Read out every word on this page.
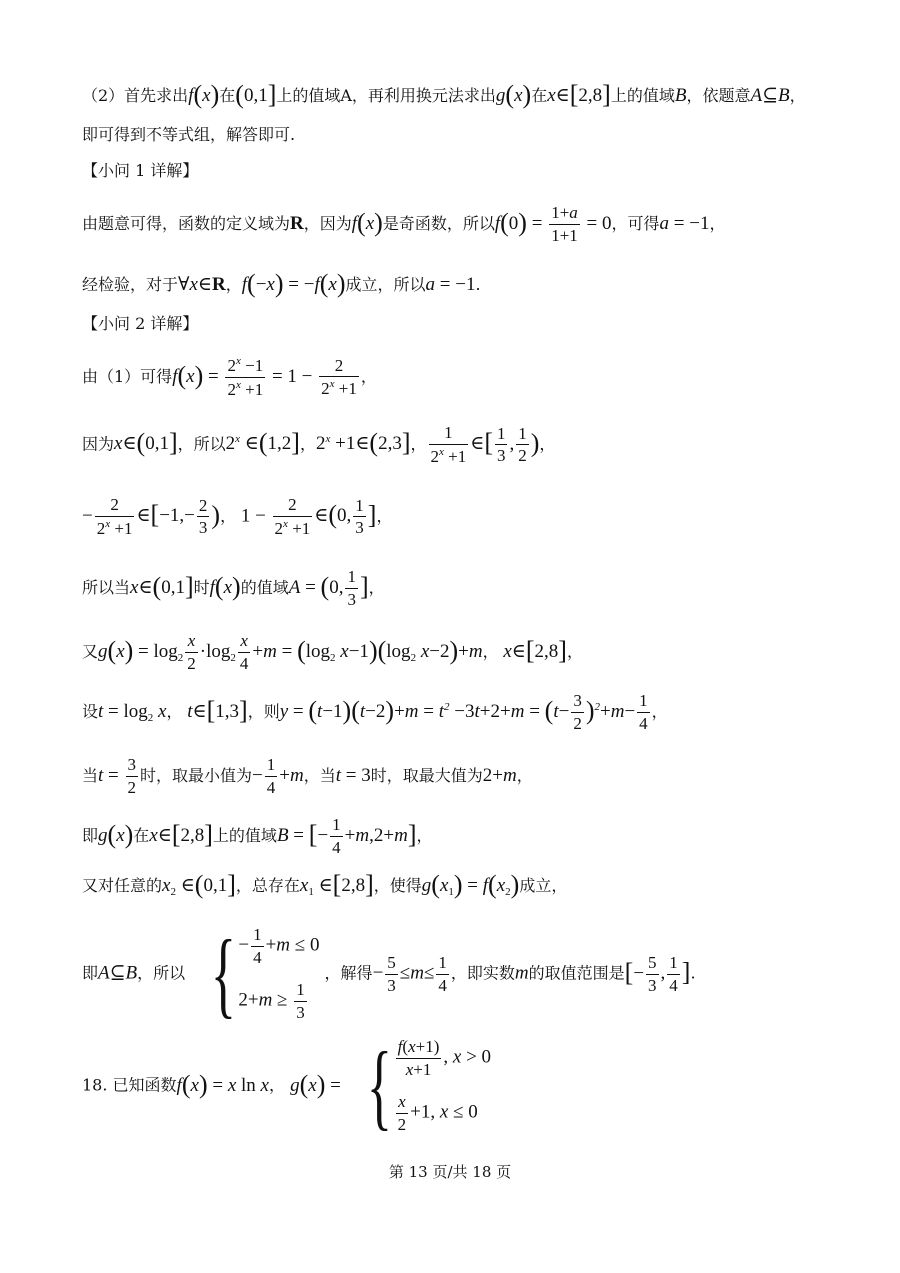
（2）首先求出f(x)在(0,1]上的值域A，再利用换元法求出g(x)在x∈[2,8]上的值域B，依题意A⊆B，
即可得到不等式组，解答即可.
【小问 1 详解】
由题意可得，函数的定义域为R，因为f(x)是奇函数，所以$f(0) = \frac{1+a}{1+1} = 0$，可得a = −1，
经检验，对于∀x∈R，f(−x) = −f(x)成立，所以a = −1.
【小问 2 详解】
由（1）可得$f(x) = \frac{2^x -1}{2^x +1} = 1 - \frac{2}{2^x +1}$ ，
因为x∈(0,1]，所以2$^x$ ∈(1,2]，$2^x$ +1∈(2,3]， $\frac{1}{2^x +1}$ ∈[ $\frac{1}{3}$ , $\frac{1}{2}$ )，
− $\frac{2}{2^x +1}$ ∈[−1,− $\frac{2}{3}$ )， $1 - \frac{2}{2^x +1}$ ∈(0, $\frac{1}{3}$ ]，
所以当x∈(0,1]时f(x)的值域A = (0, $\frac{1}{3}$ ]，
又$g(x) = \log_2 \frac{x}{2} \cdot\log_2 \frac{x}{4} +m = (\log_2$ $x-1)(\log_2$ x−2)+m， x∈[2,8]，
设$t = \log_2 x$， t∈[1,3]，则$y = (t-1)(t-2)+m = t^2 -3t+2+m = (t- \frac{3}{2} )^2+m- \frac{1}{4}$ ，
当$t = \frac{3}{2}$ 时，取最小值为− $\frac{1}{4} +m$，当t = 3时，取最大值为2+m，
即g(x)在x∈[2,8]上的值域B = [− $\frac{1}{4} +m,2+m$]，
又对任意的$x_2$ ∈(0,1]，总存在$x_1$ ∈[2,8]，使得$g(x_1) = f(x_2)$成立，
即A⊆B，所以 { − $\frac{1}{4} +m \le 0$
$2+m \ge \frac{1}{3}$
，解得− $\frac{5}{3} \le m\le \frac{1}{4}$ ，即实数m的取值范围是[− $\frac{5}{3}$ , $\frac{1}{4}$ ].
18. 已知函数f(x) = x ln x， g(x) = { $\frac{f(x+1)}{x+1}$ , x > 0
$\frac{x}{2} +1$, x ≤ 0
第 13 页/共 18 页
